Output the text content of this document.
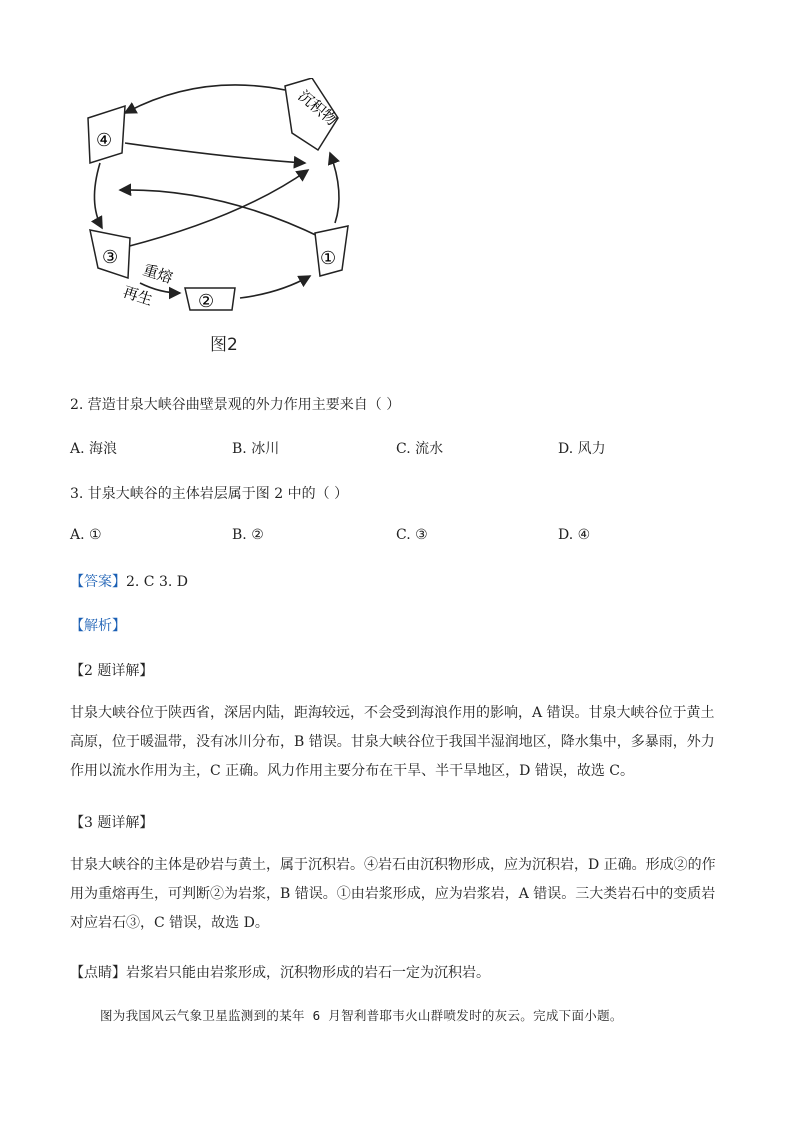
沉积物
④
③
②
①
重熔
再生
图2
2. 营造甘泉大峡谷曲壁景观的外力作用主要来自（ ）
A. 海浪	B. 冰川	C. 流水	D. 风力
3. 甘泉大峡谷的主体岩层属于图 2 中的（ ）
A. ①	B. ②	C. ③	D. ④
【答案】2. C 3. D
【解析】
【2 题详解】
甘泉大峡谷位于陕西省，深居内陆，距海较远，不会受到海浪作用的影响，A 错误。甘泉大峡谷位于黄土
高原，位于暖温带，没有冰川分布，B 错误。甘泉大峡谷位于我国半湿润地区，降水集中，多暴雨，外力
作用以流水作用为主，C 正确。风力作用主要分布在干旱、半干旱地区，D 错误，故选 C。
【3 题详解】
甘泉大峡谷的主体是砂岩与黄土，属于沉积岩。④岩石由沉积物形成，应为沉积岩，D 正确。形成②的作
用为重熔再生，可判断②为岩浆，B 错误。①由岩浆形成，应为岩浆岩，A 错误。三大类岩石中的变质岩
对应岩石③，C 错误，故选 D。
【点睛】岩浆岩只能由岩浆形成，沉积物形成的岩石一定为沉积岩。
图为我国风云气象卫星监测到的某年 6 月智利普耶韦火山群喷发时的灰云。完成下面小题。
